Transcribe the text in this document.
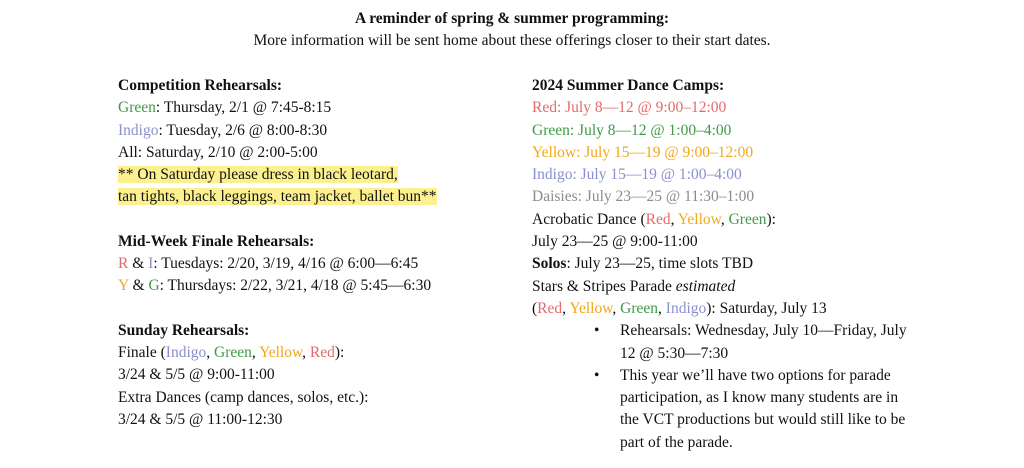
A reminder of spring & summer programming:
More information will be sent home about these offerings closer to their start dates.
Competition Rehearsals:
Green: Thursday, 2/1 @ 7:45-8:15
Indigo: Tuesday, 2/6 @ 8:00-8:30
All: Saturday, 2/10 @ 2:00-5:00
** On Saturday please dress in black leotard,
tan tights, black leggings, team jacket, ballet bun**
Mid-Week Finale Rehearsals:
R & I: Tuesdays: 2/20, 3/19, 4/16 @ 6:00—6:45
Y & G: Thursdays: 2/22, 3/21, 4/18 @ 5:45—6:30
Sunday Rehearsals:
Finale (Indigo, Green, Yellow, Red):
3/24 & 5/5 @ 9:00-11:00
Extra Dances (camp dances, solos, etc.):
3/24 & 5/5 @ 11:00-12:30
2024 Summer Dance Camps:
Red: July 8—12 @ 9:00–12:00
Green: July 8—12 @ 1:00–4:00
Yellow: July 15—19 @ 9:00–12:00
Indigo: July 15—19 @ 1:00–4:00
Daisies: July 23—25 @ 11:30–1:00
Acrobatic Dance (Red, Yellow, Green):
July 23—25 @ 9:00-11:00
Solos: July 23—25, time slots TBD
Stars & Stripes Parade estimated
(Red, Yellow, Green, Indigo): Saturday, July 13
• Rehearsals: Wednesday, July 10—Friday, July 12 @ 5:30—7:30
• This year we’ll have two options for parade participation, as I know many students are in the VCT productions but would still like to be part of the parade.
